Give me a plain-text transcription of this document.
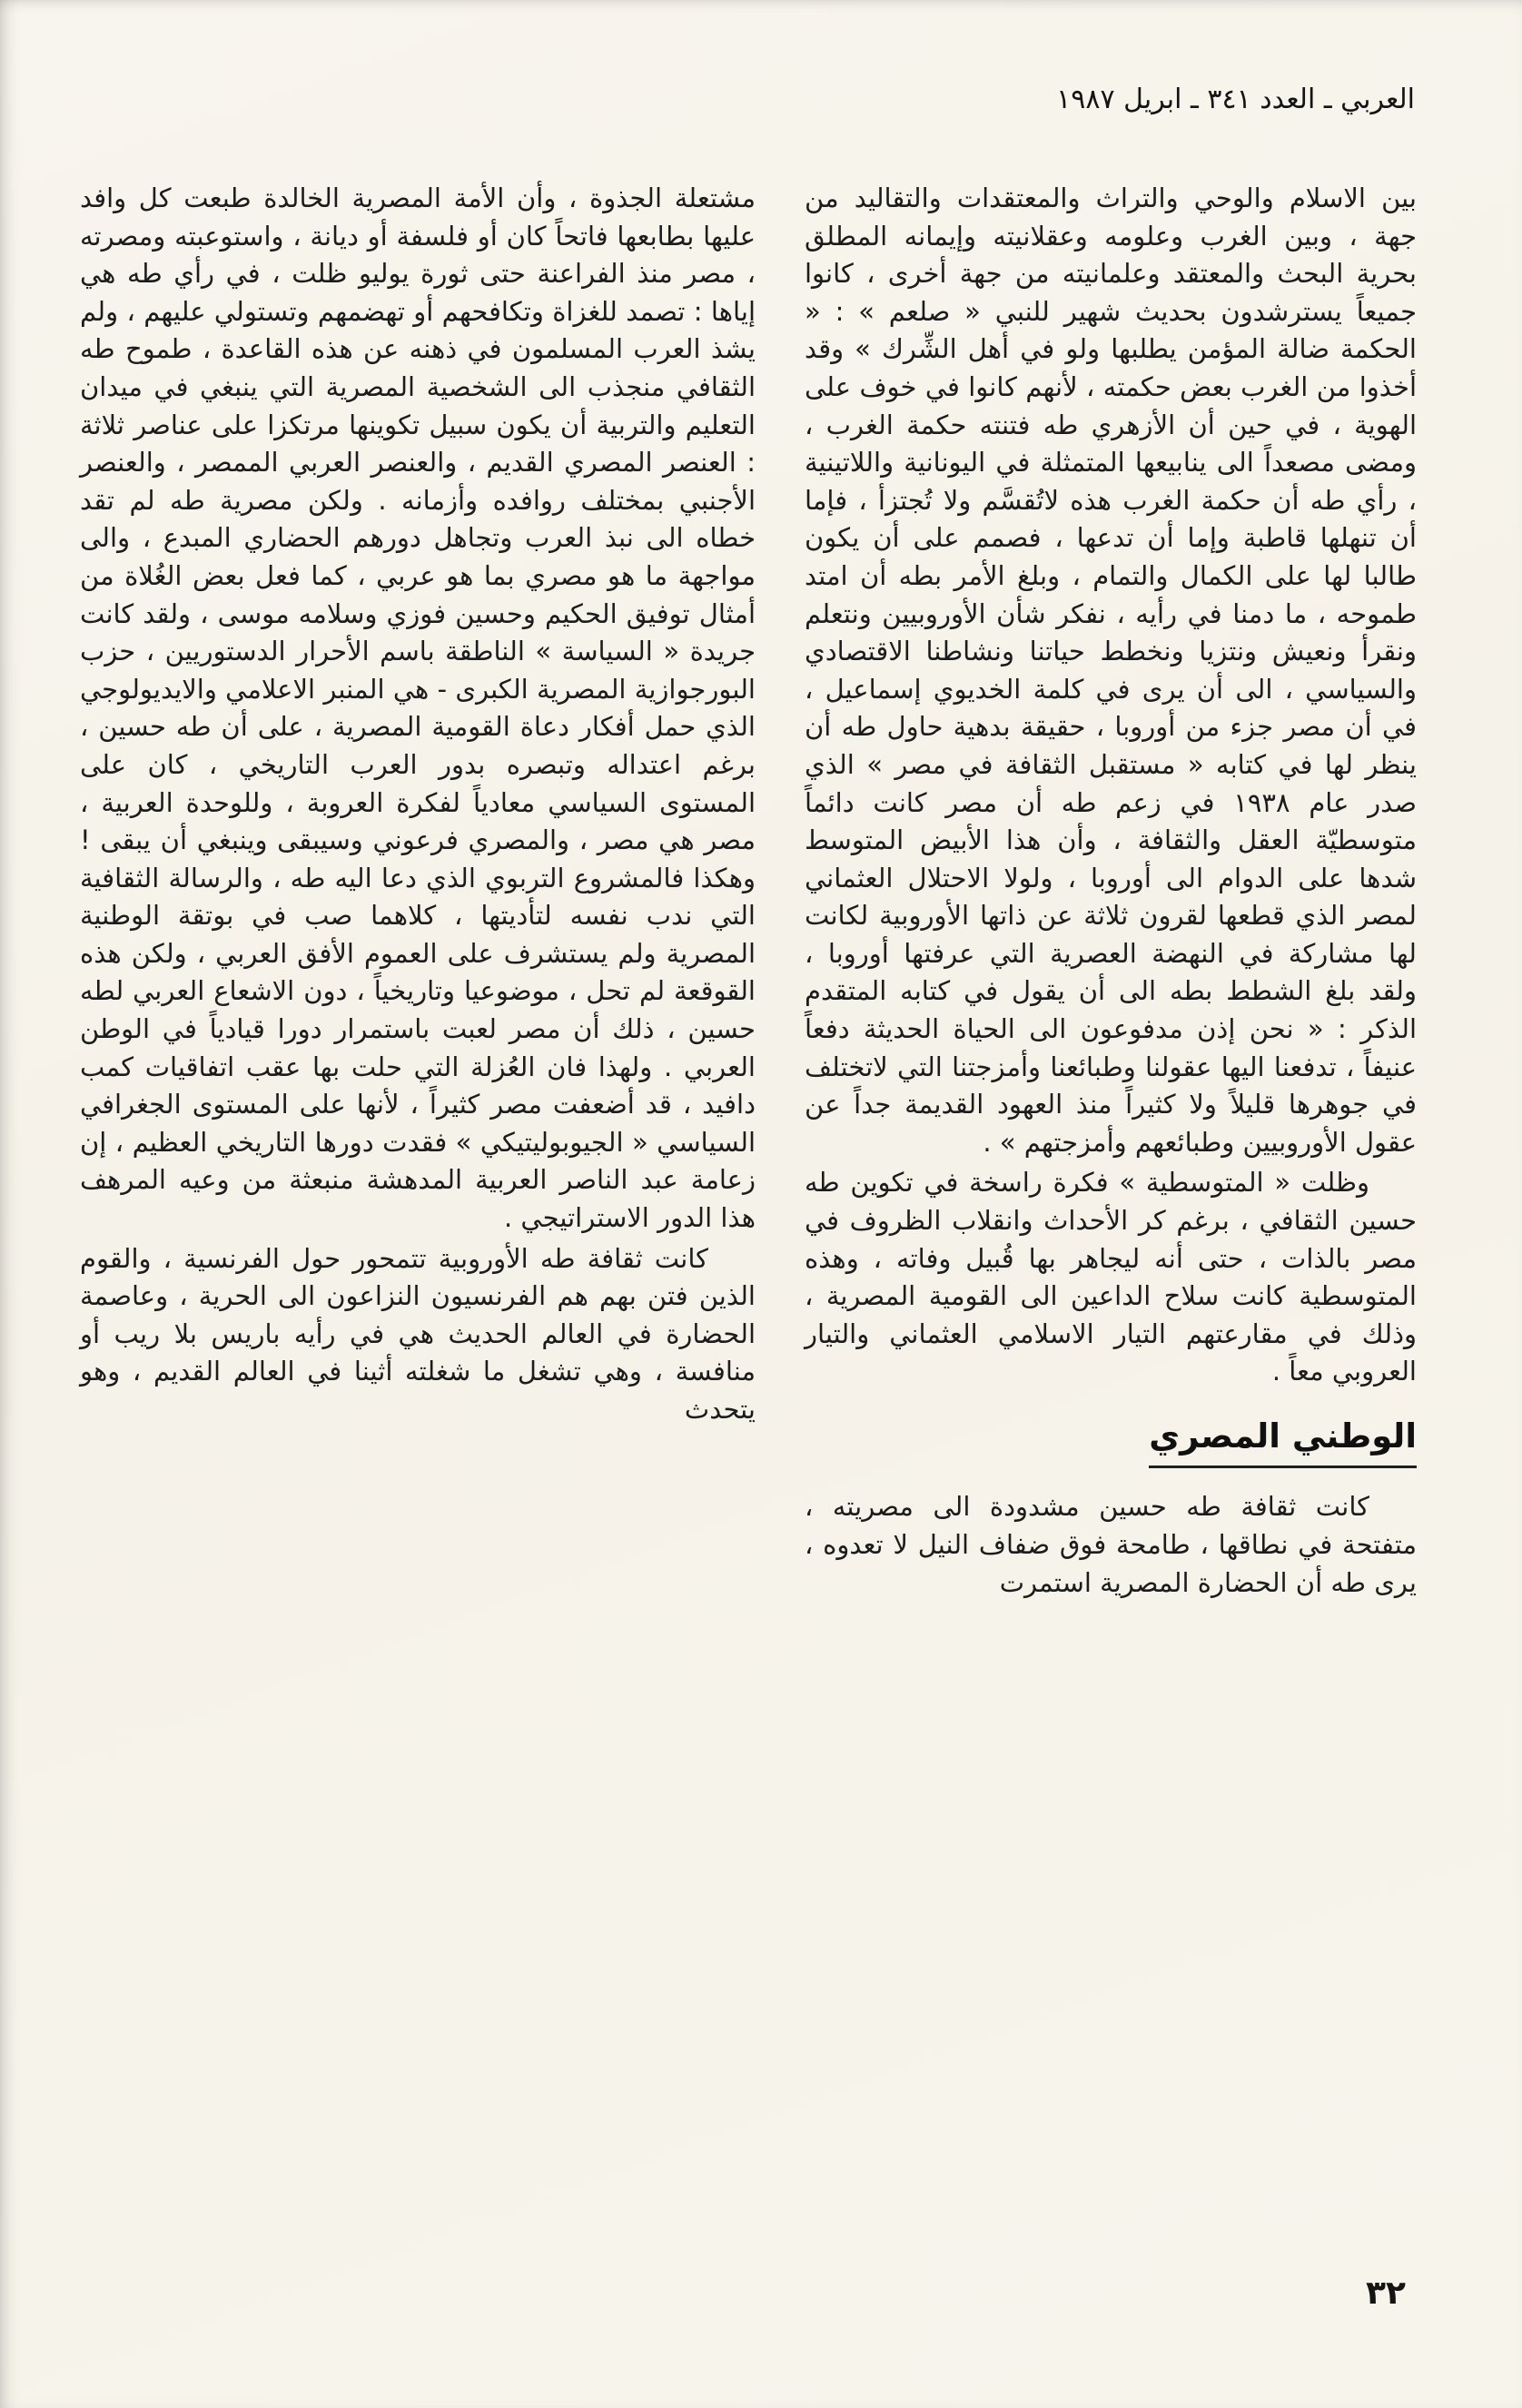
العربي ـ العدد ٣٤١ ـ ابريل ١٩٨٧

بين الاسلام والوحي والتراث والمعتقدات والتقاليد من جهة ، وبين الغرب وعلومه وعقلانيته وإيمانه المطلق بحرية البحث والمعتقد وعلمانيته من جهة أخرى ، كانوا جميعاً يسترشدون بحديث شهير للنبي « صلعم » : « الحكمة ضالة المؤمن يطلبها ولو في أهل الشِّرك » وقد أخذوا من الغرب بعض حكمته ، لأنهم كانوا في خوف على الهوية ، في حين أن الأزهري طه فتنته حكمة الغرب ، ومضى مصعداً الى ينابيعها المتمثلة في اليونانية واللاتينية ، رأي طه أن حكمة الغرب هذه لاتُقسَّم ولا تُجتزأ ، فإما أن تنهلها قاطبة وإما أن تدعها ، فصمم على أن يكون طالبا لها على الكمال والتمام ، وبلغ الأمر بطه أن امتد طموحه ، ما دمنا في رأيه ، نفكر شأن الأوروبيين ونتعلم ونقرأ ونعيش ونتزيا ونخطط حياتنا ونشاطنا الاقتصادي والسياسي ، الى أن يرى في كلمة الخديوي إسماعيل ، في أن مصر جزء من أوروبا ، حقيقة بدهية حاول طه أن ينظر لها في كتابه « مستقبل الثقافة في مصر » الذي صدر عام ١٩٣٨ في زعم طه أن مصر كانت دائماً متوسطيّة العقل والثقافة ، وأن هذا الأبيض المتوسط شدها على الدوام الى أوروبا ، ولولا الاحتلال العثماني لمصر الذي قطعها لقرون ثلاثة عن ذاتها الأوروبية لكانت لها مشاركة في النهضة العصرية التي عرفتها أوروبا ، ولقد بلغ الشطط بطه الى أن يقول في كتابه المتقدم الذكر : « نحن إذن مدفوعون الى الحياة الحديثة دفعاً عنيفاً ، تدفعنا اليها عقولنا وطبائعنا وأمزجتنا التي لاتختلف في جوهرها قليلاً ولا كثيراً منذ العهود القديمة جداً عن عقول الأوروبيين وطبائعهم وأمزجتهم » .

وظلت « المتوسطية » فكرة راسخة في تكوين طه حسين الثقافي ، برغم كر الأحداث وانقلاب الظروف في مصر بالذات ، حتى أنه ليجاهر بها قُبيل وفاته ، وهذه المتوسطية كانت سلاح الداعين الى القومية المصرية ، وذلك في مقارعتهم التيار الاسلامي العثماني والتيار العروبي معاً .

الوطني المصري

كانت ثقافة طه حسين مشدودة الى مصريته ، متفتحة في نطاقها ، طامحة فوق ضفاف النيل لا تعدوه ، يرى طه أن الحضارة المصرية استمرت

مشتعلة الجذوة ، وأن الأمة المصرية الخالدة طبعت كل وافد عليها بطابعها فاتحاً كان أو فلسفة أو ديانة ، واستوعبته ومصرته ، مصر منذ الفراعنة حتى ثورة يوليو ظلت ، في رأي طه هي إياها : تصمد للغزاة وتكافحهم أو تهضمهم وتستولي عليهم ، ولم يشذ العرب المسلمون في ذهنه عن هذه القاعدة ، طموح طه الثقافي منجذب الى الشخصية المصرية التي ينبغي في ميدان التعليم والتربية أن يكون سبيل تكوينها مرتكزا على عناصر ثلاثة : العنصر المصري القديم ، والعنصر العربي الممصر ، والعنصر الأجنبي بمختلف روافده وأزمانه . ولكن مصرية طه لم تقد خطاه الى نبذ العرب وتجاهل دورهم الحضاري المبدع ، والى مواجهة ما هو مصري بما هو عربي ، كما فعل بعض الغُلاة من أمثال توفيق الحكيم وحسين فوزي وسلامه موسى ، ولقد كانت جريدة « السياسة » الناطقة باسم الأحرار الدستوريين ، حزب البورجوازية المصرية الكبرى - هي المنبر الاعلامي والايديولوجي الذي حمل أفكار دعاة القومية المصرية ، على أن طه حسين ، برغم اعتداله وتبصره بدور العرب التاريخي ، كان على المستوى السياسي معادياً لفكرة العروبة ، وللوحدة العربية ، مصر هي مصر ، والمصري فرعوني وسيبقى وينبغي أن يبقى ! وهكذا فالمشروع التربوي الذي دعا اليه طه ، والرسالة الثقافية التي ندب نفسه لتأديتها ، كلاهما صب في بوتقة الوطنية المصرية ولم يستشرف على العموم الأفق العربي ، ولكن هذه القوقعة لم تحل ، موضوعيا وتاريخياً ، دون الاشعاع العربي لطه حسين ، ذلك أن مصر لعبت باستمرار دورا قيادياً في الوطن العربي . ولهذا فان العُزلة التي حلت بها عقب اتفاقيات كمب دافيد ، قد أضعفت مصر كثيراً ، لأنها على المستوى الجغرافي السياسي « الجيوبوليتيكي » فقدت دورها التاريخي العظيم ، إن زعامة عبد الناصر العربية المدهشة منبعثة من وعيه المرهف هذا الدور الاستراتيجي .

كانت ثقافة طه الأوروبية تتمحور حول الفرنسية ، والقوم الذين فتن بهم هم الفرنسيون النزاعون الى الحرية ، وعاصمة الحضارة في العالم الحديث هي في رأيه باريس بلا ريب أو منافسة ، وهي تشغل ما شغلته أثينا في العالم القديم ، وهو يتحدث

٣٢
